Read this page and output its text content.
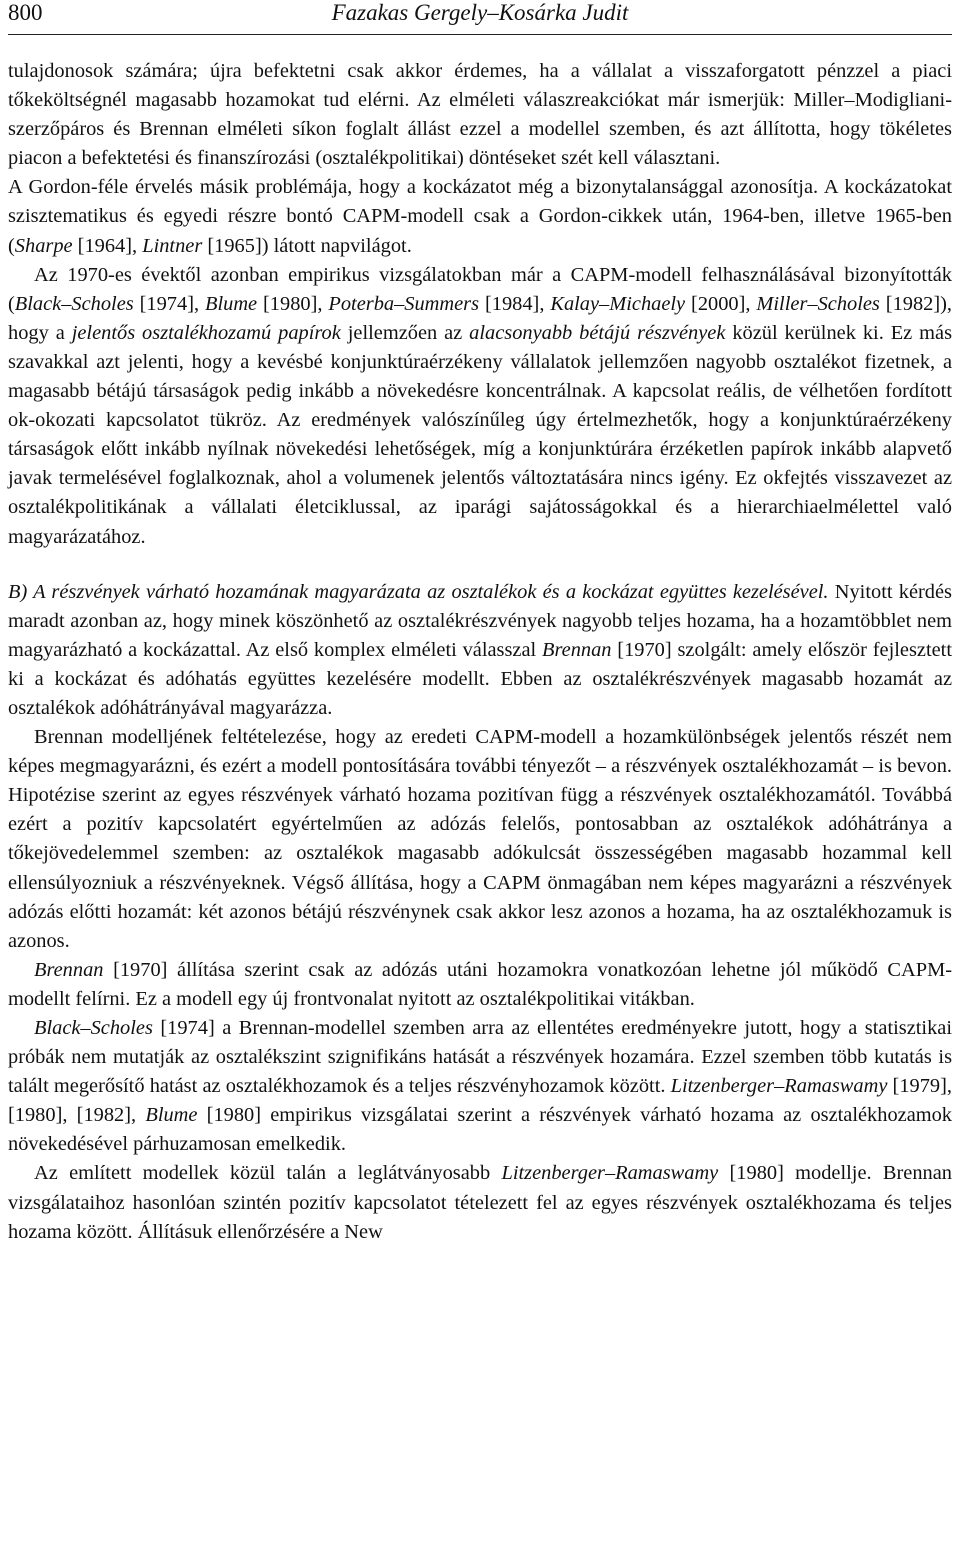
800	Fazakas Gergely–Kosárka Judit

tulajdonosok számára; újra befektetni csak akkor érdemes, ha a vállalat a visszaforgatott pénzzel a piaci tőkeköltségnél magasabb hozamokat tud elérni. Az elméleti válaszreakciókat már ismerjük: Miller–Modigliani-szerzőpáros és Brennan elméleti síkon foglalt állást ezzel a modellel szemben, és azt állította, hogy tökéletes piacon a befektetési és finanszírozási (osztalékpolitikai) döntéseket szét kell választani.

A Gordon-féle érvelés másik problémája, hogy a kockázatot még a bizonytalansággal azonosítja. A kockázatokat szisztematikus és egyedi részre bontó CAPM-modell csak a Gordon-cikkek után, 1964-ben, illetve 1965-ben (Sharpe [1964], Lintner [1965]) látott napvilágot.

Az 1970-es évektől azonban empirikus vizsgálatokban már a CAPM-modell felhasználásával bizonyították (Black–Scholes [1974], Blume [1980], Poterba–Summers [1984], Kalay–Michaely [2000], Miller–Scholes [1982]), hogy a jelentős osztalékhozamú papírok jellemzően az alacsonyabb bétájú részvények közül kerülnek ki. Ez más szavakkal azt jelenti, hogy a kevésbé konjunktúraérzékeny vállalatok jellemzően nagyobb osztalékot fizetnek, a magasabb bétájú társaságok pedig inkább a növekedésre koncentrálnak. A kapcsolat reális, de vélhetően fordított ok-okozati kapcsolatot tükröz. Az eredmények valószínűleg úgy értelmezhetők, hogy a konjunktúraérzékeny társaságok előtt inkább nyílnak növekedési lehetőségek, míg a konjunktúrára érzéketlen papírok inkább alapvető javak termelésével foglalkoznak, ahol a volumenek jelentős változtatására nincs igény. Ez okfejtés visszavezet az osztalékpolitikának a vállalati életciklussal, az iparági sajátosságokkal és a hierarchiaelmélettel való magyarázatához.

B) A részvények várható hozamának magyarázata az osztalékok és a kockázat együttes kezelésével. Nyitott kérdés maradt azonban az, hogy minek köszönhető az osztalékrészvények nagyobb teljes hozama, ha a hozamtöbblet nem magyarázható a kockázattal. Az első komplex elméleti válasszal Brennan [1970] szolgált: amely először fejlesztett ki a kockázat és adóhatás együttes kezelésére modellt. Ebben az osztalékrészvények magasabb hozamát az osztalékok adóhátrányával magyarázza.

Brennan modelljének feltételezése, hogy az eredeti CAPM-modell a hozamkülönbségek jelentős részét nem képes megmagyarázni, és ezért a modell pontosítására további tényezőt – a részvények osztalékhozamát – is bevon. Hipotézise szerint az egyes részvények várható hozama pozitívan függ a részvények osztalékhozamától. Továbbá ezért a pozitív kapcsolatért egyértelműen az adózás felelős, pontosabban az osztalékok adóhátránya a tőkejövedelemmel szemben: az osztalékok magasabb adókulcsát összességében magasabb hozammal kell ellensúlyozniuk a részvényeknek. Végső állítása, hogy a CAPM önmagában nem képes magyarázni a részvények adózás előtti hozamát: két azonos bétájú részvénynek csak akkor lesz azonos a hozama, ha az osztalékhozamuk is azonos.

Brennan [1970] állítása szerint csak az adózás utáni hozamokra vonatkozóan lehetne jól működő CAPM-modellt felírni. Ez a modell egy új frontvonalat nyitott az osztalékpolitikai vitákban.

Black–Scholes [1974] a Brennan-modellel szemben arra az ellentétes eredményekre jutott, hogy a statisztikai próbák nem mutatják az osztalékszint szignifikáns hatását a részvények hozamára. Ezzel szemben több kutatás is talált megerősítő hatást az osztalékhozamok és a teljes részvényhozamok között. Litzenberger–Ramaswamy [1979], [1980], [1982], Blume [1980] empirikus vizsgálatai szerint a részvények várható hozama az osztalékhozamok növekedésével párhuzamosan emelkedik.

Az említett modellek közül talán a leglátványosabb Litzenberger–Ramaswamy [1980] modellje. Brennan vizsgálataihoz hasonlóan szintén pozitív kapcsolatot tételezett fel az egyes részvények osztalékhozama és teljes hozama között. Állításuk ellenőrzésére a New
